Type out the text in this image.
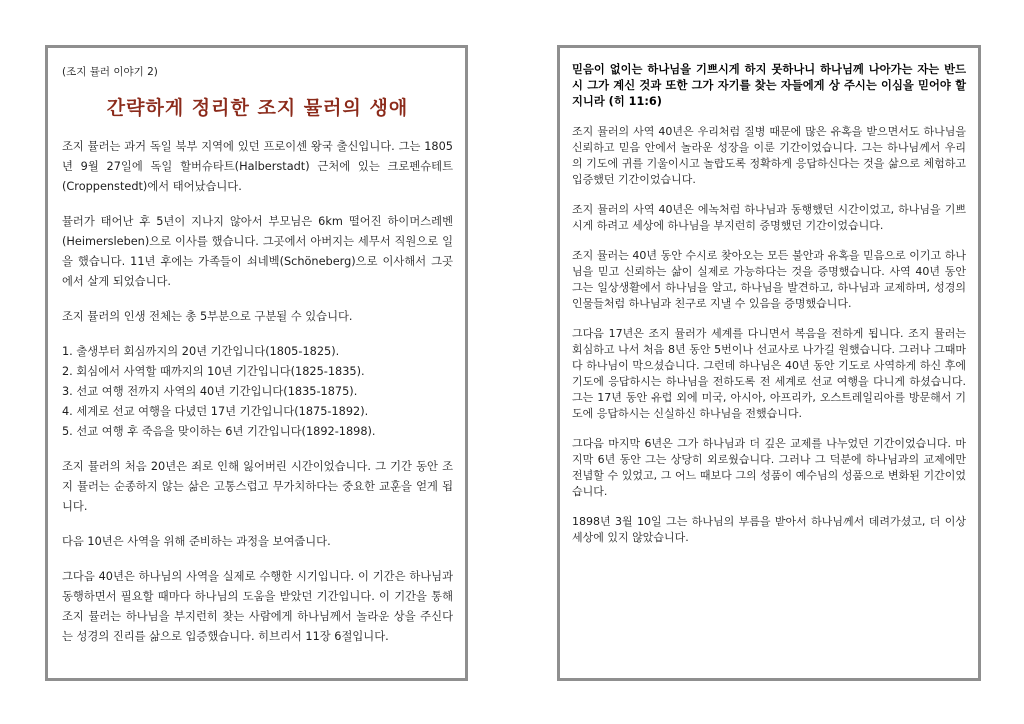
(조지 뮬러 이야기 2)
간략하게 정리한 조지 뮬러의 생애

조지 뮬러는 과거 독일 북부 지역에 있던 프로이센 왕국 출신입니다. 그는 1805년 9월 27일에 독일 할버슈타트(Halberstadt) 근처에 있는 크로펜슈테트(Croppenstedt)에서 태어났습니다.

뮬러가 태어난 후 5년이 지나지 않아서 부모님은 6km 떨어진 하이머스레벤(Heimersleben)으로 이사를 했습니다. 그곳에서 아버지는 세무서 직원으로 일을 했습니다. 11년 후에는 가족들이 쇠네벡(Schöneberg)으로 이사해서 그곳에서 살게 되었습니다.

조지 뮬러의 인생 전체는 총 5부분으로 구분될 수 있습니다.

1. 출생부터 회심까지의 20년 기간입니다(1805-1825).
2. 회심에서 사역할 때까지의 10년 기간입니다(1825-1835).
3. 선교 여행 전까지 사역의 40년 기간입니다(1835-1875).
4. 세계로 선교 여행을 다녔던 17년 기간입니다(1875-1892).
5. 선교 여행 후 죽음을 맞이하는 6년 기간입니다(1892-1898).

조지 뮬러의 처음 20년은 죄로 인해 잃어버린 시간이었습니다. 그 기간 동안 조지 뮬러는 순종하지 않는 삶은 고통스럽고 무가치하다는 중요한 교훈을 얻게 됩니다.

다음 10년은 사역을 위해 준비하는 과정을 보여줍니다.

그다음 40년은 하나님의 사역을 실제로 수행한 시기입니다. 이 기간은 하나님과 동행하면서 필요할 때마다 하나님의 도움을 받았던 기간입니다. 이 기간을 통해 조지 뮬러는 하나님을 부지런히 찾는 사람에게 하나님께서 놀라운 상을 주신다는 성경의 진리를 삶으로 입증했습니다. 히브리서 11장 6절입니다.

믿음이 없이는 하나님을 기쁘시게 하지 못하나니 하나님께 나아가는 자는 반드시 그가 계신 것과 또한 그가 자기를 찾는 자들에게 상 주시는 이심을 믿어야 할지니라 (히 11:6)

조지 뮬러의 사역 40년은 우리처럼 질병 때문에 많은 유혹을 받으면서도 하나님을 신뢰하고 믿음 안에서 놀라운 성장을 이룬 기간이었습니다. 그는 하나님께서 우리의 기도에 귀를 기울이시고 놀랍도록 정확하게 응답하신다는 것을 삶으로 체험하고 입증했던 기간이었습니다.

조지 뮬러의 사역 40년은 에녹처럼 하나님과 동행했던 시간이었고, 하나님을 기쁘시게 하려고 세상에 하나님을 부지런히 증명했던 기간이었습니다.

조지 뮬러는 40년 동안 수시로 찾아오는 모든 불안과 유혹을 믿음으로 이기고 하나님을 믿고 신뢰하는 삶이 실제로 가능하다는 것을 증명했습니다. 사역 40년 동안 그는 일상생활에서 하나님을 알고, 하나님을 발견하고, 하나님과 교제하며, 성경의 인물들처럼 하나님과 친구로 지낼 수 있음을 증명했습니다.

그다음 17년은 조지 뮬러가 세계를 다니면서 복음을 전하게 됩니다. 조지 뮬러는 회심하고 나서 처음 8년 동안 5번이나 선교사로 나가길 원했습니다. 그러나 그때마다 하나님이 막으셨습니다. 그런데 하나님은 40년 동안 기도로 사역하게 하신 후에 기도에 응답하시는 하나님을 전하도록 전 세계로 선교 여행을 다니게 하셨습니다. 그는 17년 동안 유럽 외에 미국, 아시아, 아프리카, 오스트레일리아를 방문해서 기도에 응답하시는 신실하신 하나님을 전했습니다.

그다음 마지막 6년은 그가 하나님과 더 깊은 교제를 나누었던 기간이었습니다. 마지막 6년 동안 그는 상당히 외로웠습니다. 그러나 그 덕분에 하나님과의 교제에만 전념할 수 있었고, 그 어느 때보다 그의 성품이 예수님의 성품으로 변화된 기간이었습니다.

1898년 3월 10일 그는 하나님의 부름을 받아서 하나님께서 데려가셨고, 더 이상 세상에 있지 않았습니다.
